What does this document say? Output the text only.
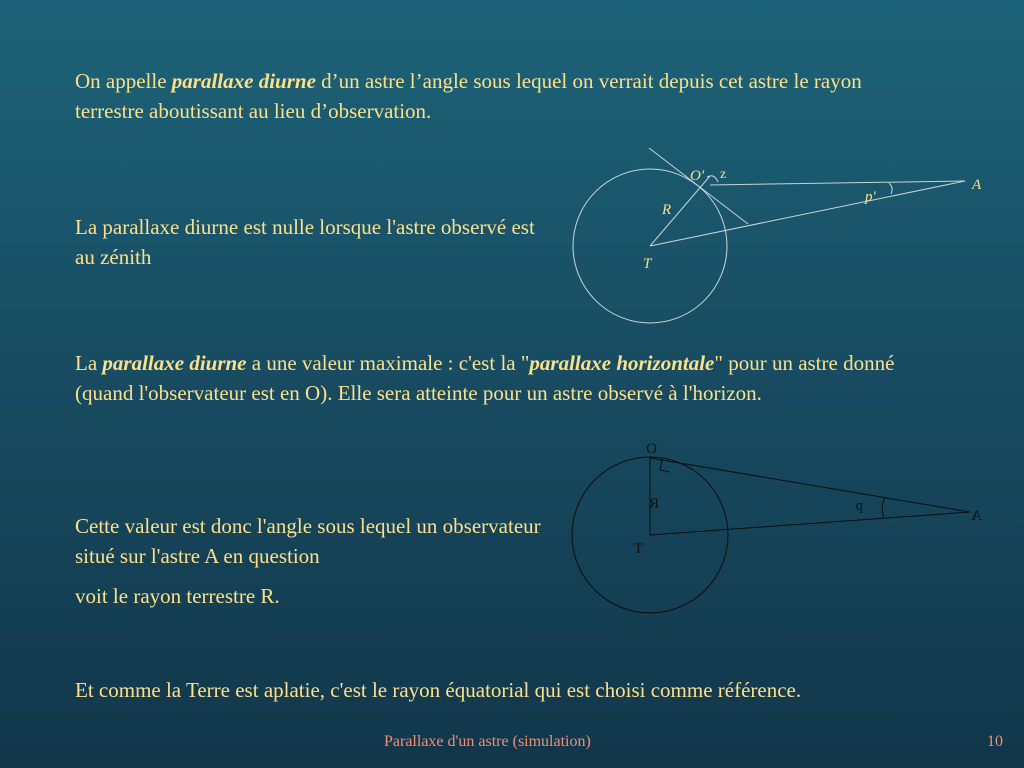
On appelle parallaxe diurne d’un astre l’angle sous lequel on verrait depuis cet astre le rayon terrestre aboutissant au lieu d’observation.

La parallaxe diurne est nulle lorsque l'astre observé est au zénith

La parallaxe diurne a une valeur maximale : c'est la "parallaxe horizontale" pour un astre donné (quand l'observateur est en O). Elle sera atteinte pour un astre observé à l'horizon.

Cette valeur est donc l'angle sous lequel un observateur situé sur l'astre A en question

voit le rayon terrestre R.

Et comme la Terre est aplatie, c'est le rayon équatorial qui est choisi comme référence.

O' z
A
p'
R
T
O
R
A
p
T
Parallaxe d'un astre (simulation)	10
